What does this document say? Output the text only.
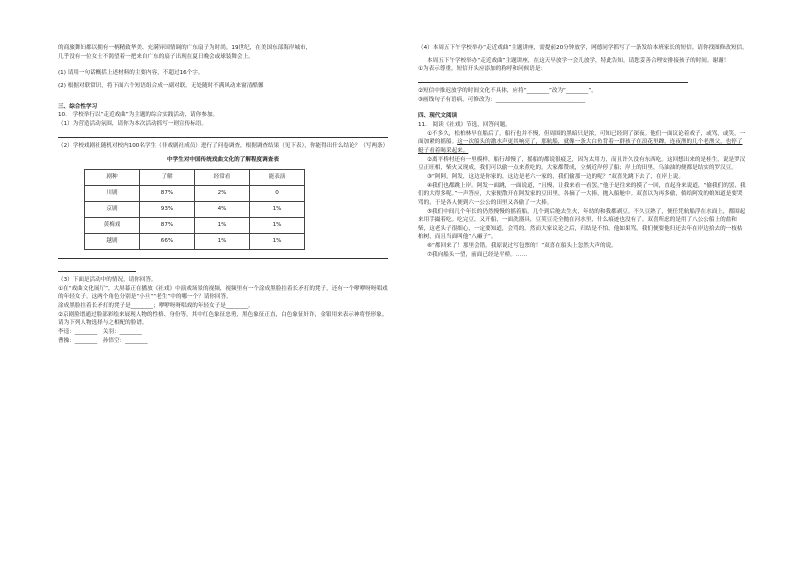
的商旅舞妇都以拥有一柄精致华美、充满异国情调的广东扇子为时尚。19世纪，在美国东部海岸城市，

几乎没有一位女士不渴望着一把来自广东的扇子出现在夏日晚会或球装舞会上。

(1) 请用一句话概括上述材料的主要内容，不超过16个字。

(2) 根据对联常识，将下面六个短语组合成一副对联。无处随时不满风动来窗清酷馨

三、综合性学习

10.　学校举行以“走近戏曲”为主题的综合实践活动，请你参加。

（1）为营造活动氛围，请你为本次活动抓写一则宣传标语。

（2）学校戏剧社随机对校内100名学生（非戏剧社成员）进行了问卷调查，根据调查结果（见下表），你能得出什么结论？（写两条）

中学生对中国传统戏曲文化的了解程度调查表

剧种	了解	经常看	能表演
川剧	87%	2%	0
京剧	93%	4%	1%
黄梅戏	87%	1%	1%
越剧	66%	1%	1%

（3）下面是活动中的情况，请你回答。

①在“戏曲文化展厅”，大屏幕正在播放《社戏》中演戏场景的视频，视频里有一个涂成黑脸拄着长矛打的凳子，还有一个咿咿呀呀唱戏的年轻女子。这两个角色分别是“小旦”“老生”中的哪一个？请你回答。

涂成黑脸拄着长矛打的凳子是________；咿咿呀呀唱戏的年轻女子是________。

②京剧脸谱通过脸部彩绘来展现人物的性格、身份等，其中红色象征忠勇，黑色象征正直，白色象征奸诈，金银用来表示神将怪形象。请为下列人物选择与之相配的脸谱。

李逵：________　关羽：________

曹操：________　孙悟空：________

（4）本周五下午学校举办“走近戏曲”主题讲座，需提前20分钟放学，网德同学抓写了一条发给本班家长的短信。请你找图修改短信。

本周五下午学校举办“走近戏曲”主题讲座，在这天早放学一会儿放学，特此告知。请您妥善合理安排接孩子的时间。谢谢！

①为表示尊重，短信开头应添加的称呼和问候语是：

②短信中推迟放学的时间文化不具体，应将“________”改为“________”。

③画线句子有语病，可修改为：________________________________

四、现代文阅读

11.　阅读《社戏》节选，回答问题。

①不多久，松柏林早在船后了，船行也并不慢，但周围的黑暗只是浓，可知已经到了深夜。他们一面议论着戏子，或骂，或笑，一面加紧的摇船。这一次船头的激水声更其响亮了，那航船，就像一条大白鱼背着一群孩子在浪花里蹿，连夜渔的几个老渔父，也停了艇子看着喝采起来。

②离平桥村还有一里模样，船行却慢了，摇船的都说很疲乏，因为太用力，而且许久没有东西吃。这回想出来的是桂生，说是罗汉豆正旺相，柴火又现成，我们可以偷一点来煮吃的。大家都赞成，立刻近岸停了船；岸上的田里，乌油油的便都是结实的罗汉豆。

③“阿阿，阿发，这边是你家的，这边是老六一家的，我们偷那一边的呢？”双喜先跳下去了，在岸上说。

④我们也都跳上岸。阿发一面跳，一面说道，“且慢，让我来看一看罢，”他于是往来的摸了一回，直起身来说道，“偷我们的罢，我们的大得多呢。”一声答应，大家便散开在阿发家的豆田里，各摘了一大捧，抛入船舱中。双喜以为再多偷，倘给阿发的娘知道是要哭骂的，于是各人便到六一公公的田里又各偷了一大捧。

⑤我们中间几个年长的仍然慢慢的摇着船，几个到后舱去生火，年幼的和我都剥豆。不久豆熟了，便任凭航船浮在水面上，都围起来用手撮着吃。吃完豆，又开船，一面洗器具，豆荚豆壳全抛在河水里，什么痕迹也没有了。双喜所虑的是用了八公公船上的盐和柴，这老头子很细心，一定要知道，会骂的。然而大家议论之后，归结是不怕。他如果骂，我们便要他归还去年在岸边拾去的一枝枯桕树，而且当面叫他“八癞子”。

⑥“都回来了！那里会错。我原说过写包票的！”双喜在船头上忽然大声的说。

⑦我向船头一望，前面已经是平桥。……
